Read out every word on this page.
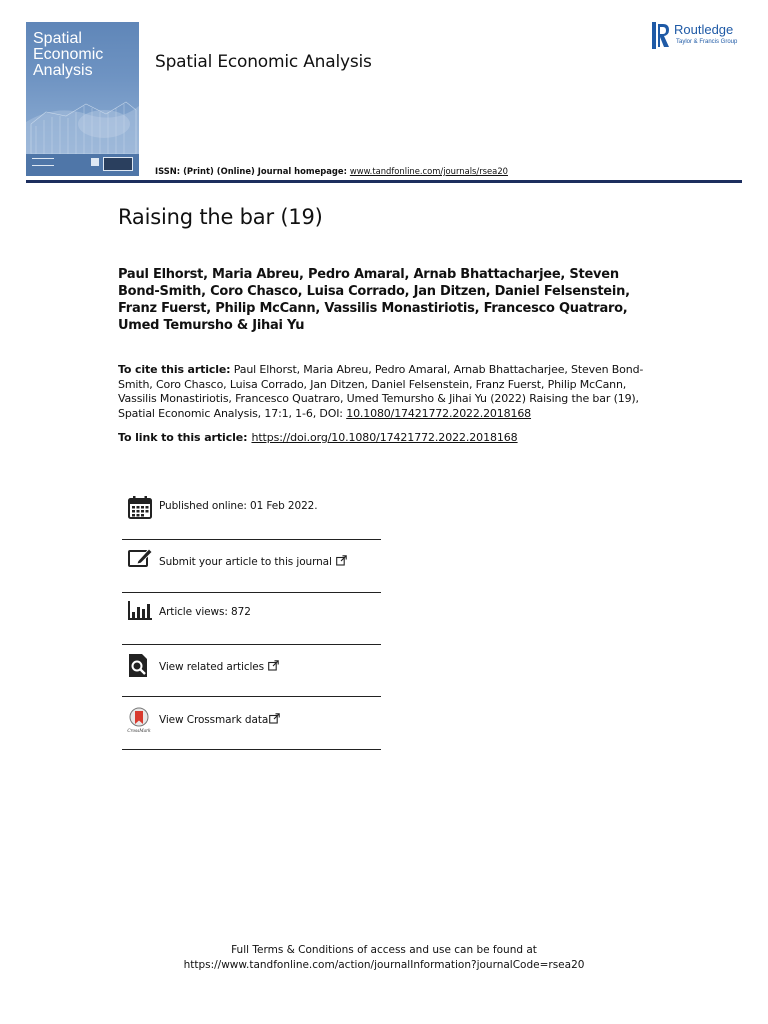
Spatial
Economic
Analysis	Spatial Economic Analysis
ISSN: (Print) (Online) Journal homepage: www.tandfonline.com/journals/rsea20
Routledge
Taylor & Francis Group
Raising the bar (19)
Paul Elhorst, Maria Abreu, Pedro Amaral, Arnab Bhattacharjee, Steven Bond-Smith, Coro Chasco, Luisa Corrado, Jan Ditzen, Daniel Felsenstein, Franz Fuerst, Philip McCann, Vassilis Monastiriotis, Francesco Quatraro, Umed Temursho & Jihai Yu
To cite this article: Paul Elhorst, Maria Abreu, Pedro Amaral, Arnab Bhattacharjee, Steven Bond-Smith, Coro Chasco, Luisa Corrado, Jan Ditzen, Daniel Felsenstein, Franz Fuerst, Philip McCann, Vassilis Monastiriotis, Francesco Quatraro, Umed Temursho & Jihai Yu (2022) Raising the bar (19), Spatial Economic Analysis, 17:1, 1-6, DOI: 10.1080/17421772.2022.2018168
To link to this article: https://doi.org/10.1080/17421772.2022.2018168
Published online: 01 Feb 2022.
Submit your article to this journal
Article views: 872
View related articles
CrossMark
View Crossmark data
Full Terms & Conditions of access and use can be found at
https://www.tandfonline.com/action/journalInformation?journalCode=rsea20
